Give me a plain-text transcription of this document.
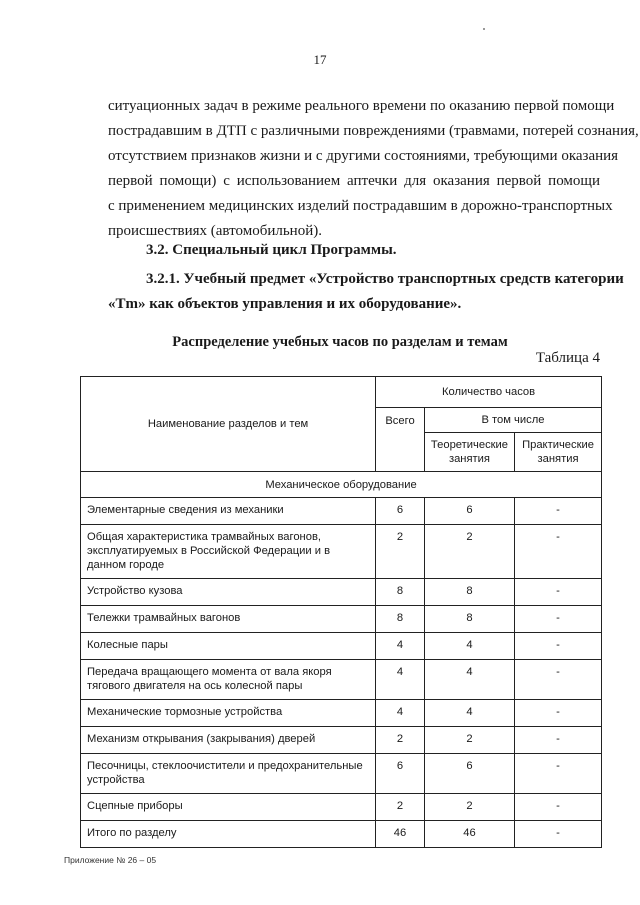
17
ситуационных задач в режиме реального времени по оказанию первой помощи
пострадавшим в ДТП с различными повреждениями (травмами, потерей сознания,
отсутствием признаков жизни и с другими состояниями, требующими оказания
первой помощи) с использованием аптечки для оказания первой помощи
с применением медицинских изделий пострадавшим в дорожно-транспортных
происшествиях (автомобильной).
3.2. Специальный цикл Программы.
3.2.1. Учебный предмет «Устройство транспортных средств категории
«Tm» как объектов управления и их оборудование».
Распределение учебных часов по разделам и темам
Таблица 4
Наименование разделов и тем	Количество часов		
	Всего	В том числе	
		Теоретические занятия	Практические занятия
Механическое оборудование			
Элементарные сведения из механики	6	6	-
Общая характеристика трамвайных вагонов, эксплуатируемых в Российской Федерации и в данном городе	2	2	-
Устройство кузова	8	8	-
Тележки трамвайных вагонов	8	8	-
Колесные пары	4	4	-
Передача вращающего момента от вала якоря тягового двигателя на ось колесной пары	4	4	-
Механические тормозные устройства	4	4	-
Механизм открывания (закрывания) дверей	2	2	-
Песочницы, стеклоочистители и предохранительные устройства	6	6	-
Сцепные приборы	2	2	-
Итого по разделу	46	46	-
Приложение № 26 – 05
